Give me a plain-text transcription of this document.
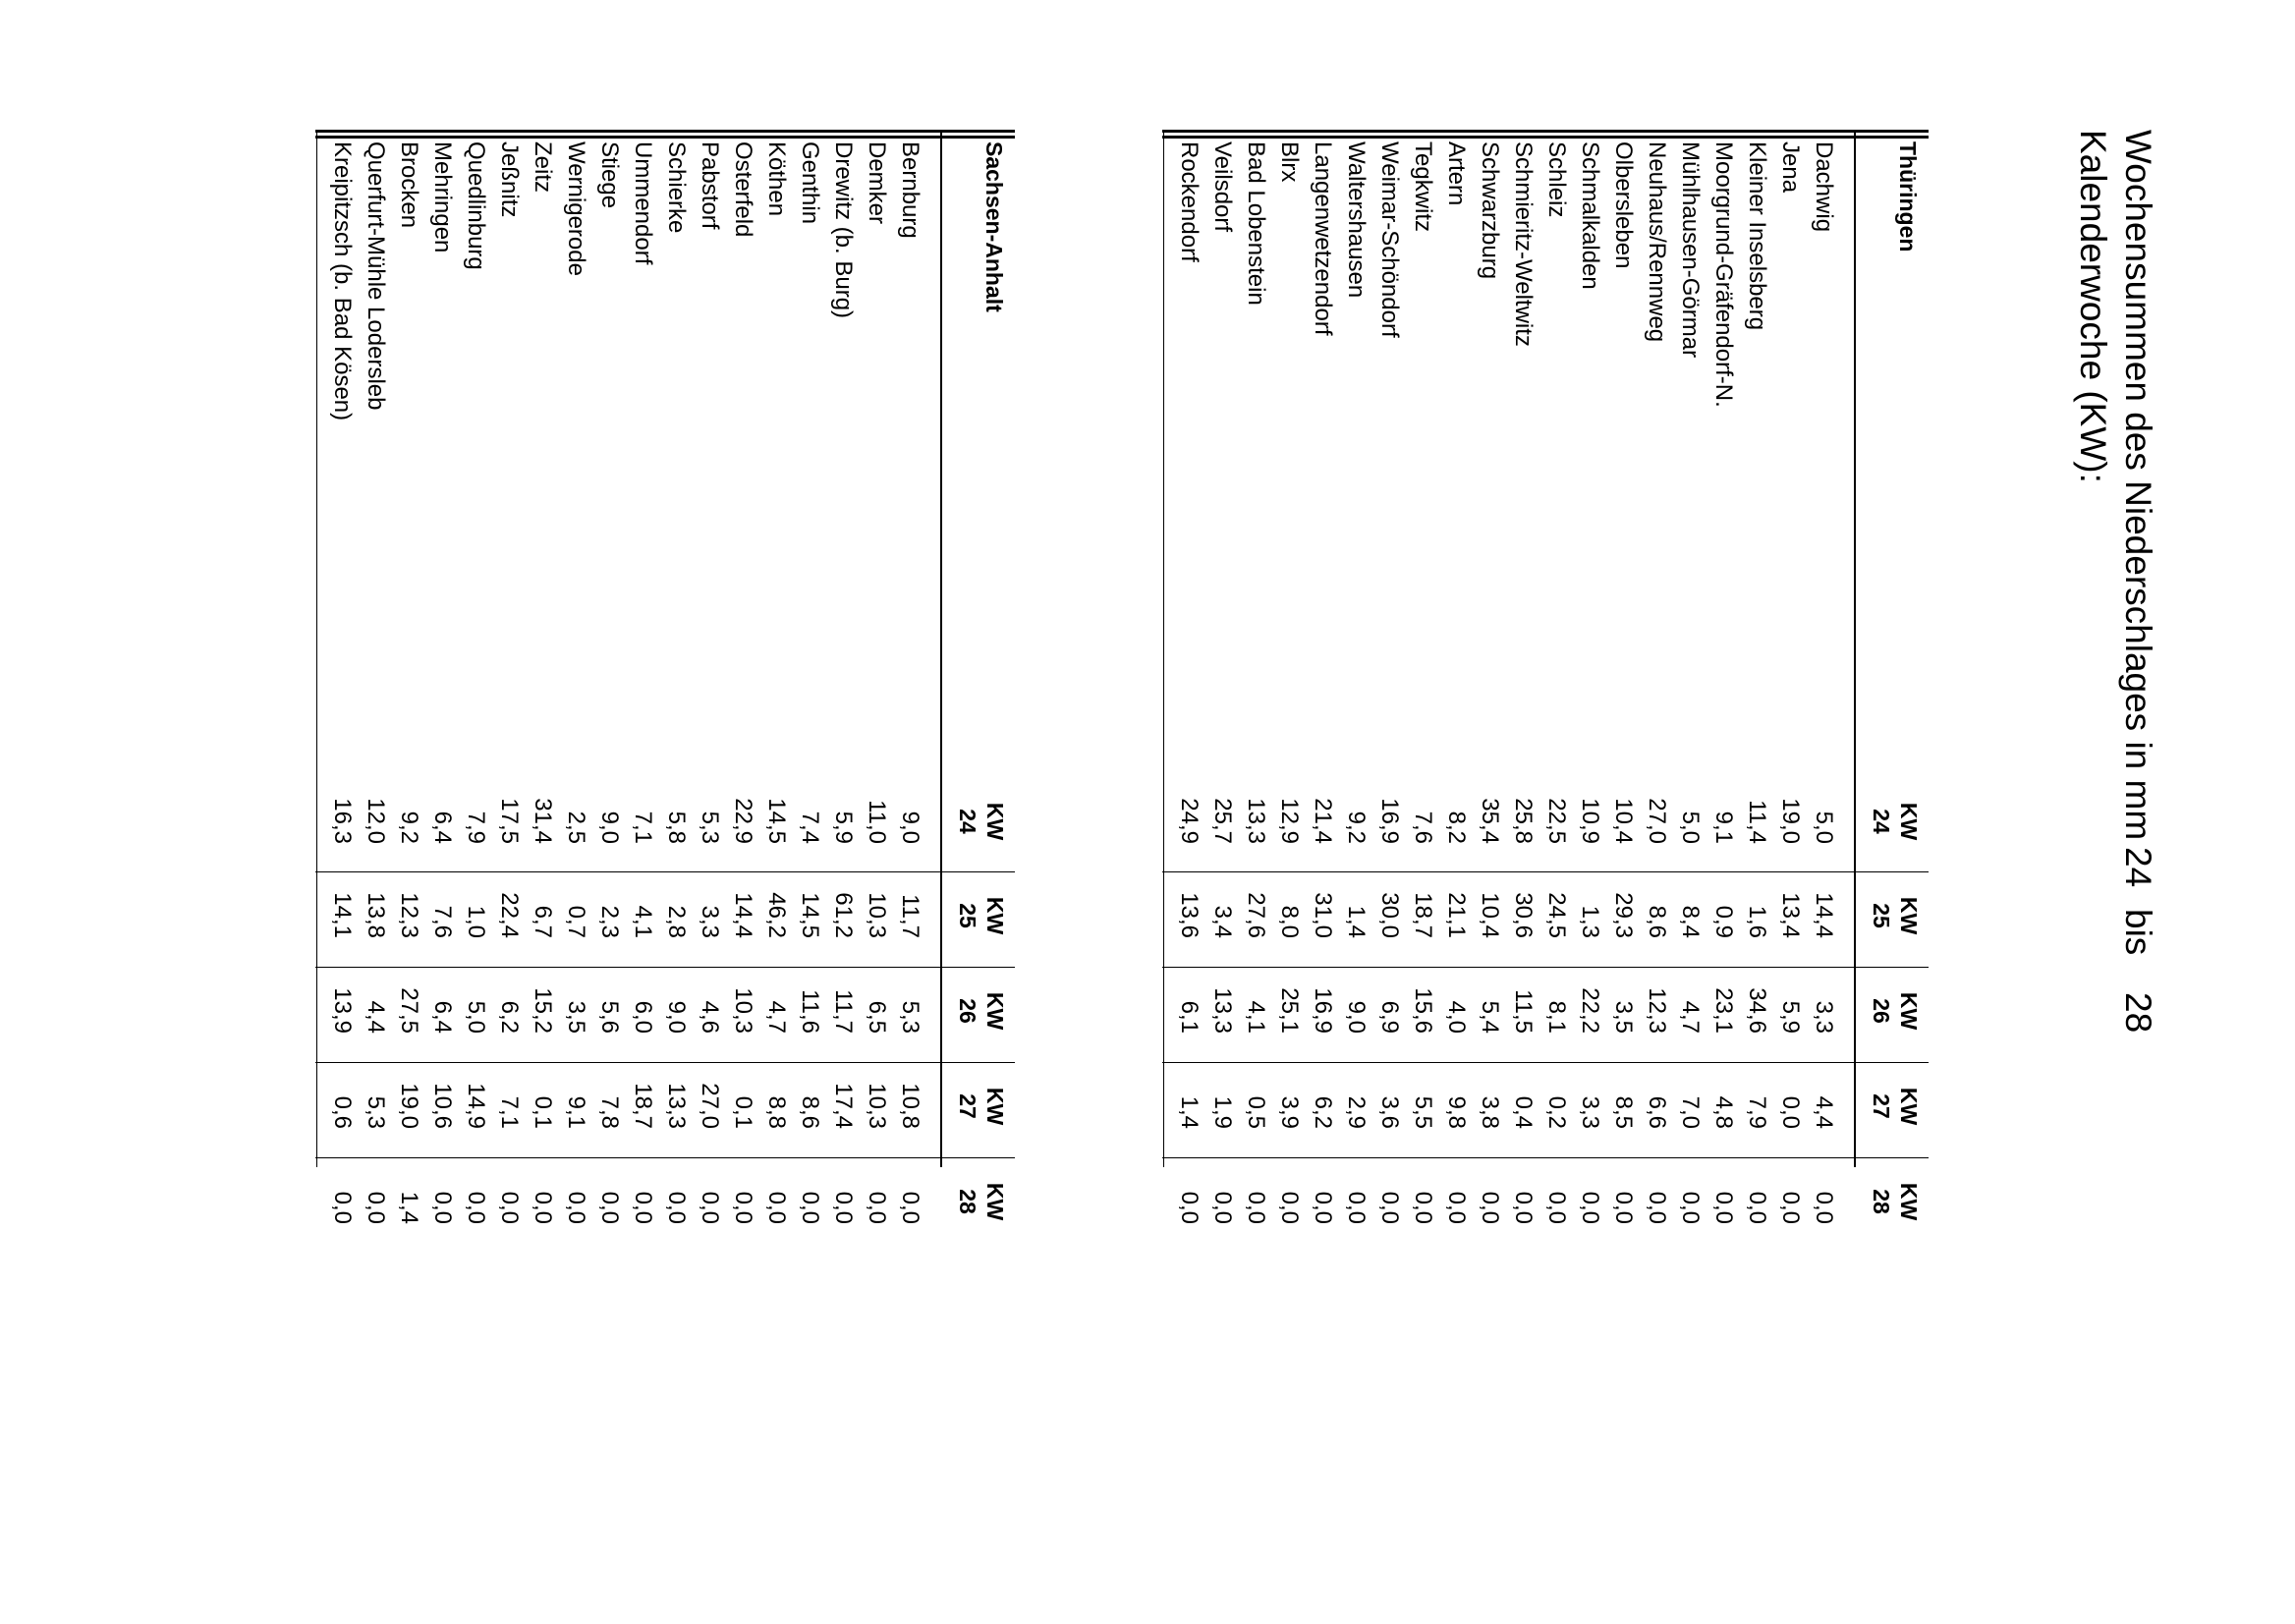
Wochensummen des Niederschlages in mm
Kalenderwoche (KW):
24
bis
28
Thüringen
KW
24
KW
25
KW
26
KW
27
KW
28
Dachwig
5,0
14,4
3,3
4,4
0,0
Jena
19,0
13,4
5,9
0,0
0,0
Kleiner Inselsberg
11,4
1,6
34,6
7,9
0,0
Moorgrund-Gräfendorf-N.
9,1
0,9
23,1
4,8
0,0
Mühlhausen-Görmar
5,0
8,4
4,7
7,0
0,0
Neuhaus/Rennweg
27,0
8,6
12,3
6,6
0,0
Olbersleben
10,4
29,3
3,5
8,5
0,0
Schmalkalden
10,9
1,3
22,2
3,3
0,0
Schleiz
22,5
24,5
8,1
0,2
0,0
Schmieritz-Weltwitz
25,8
30,6
11,5
0,4
0,0
Schwarzburg
35,4
10,4
5,4
3,8
0,0
Artern
8,2
21,1
4,0
9,8
0,0
Tegkwitz
7,6
18,7
15,6
5,5
0,0
Weimar-Schöndorf
16,9
30,0
6,9
3,6
0,0
Waltershausen
9,2
1,4
9,0
2,9
0,0
Langenwetzendorf
21,4
31,0
16,9
6,2
0,0
Blrx
12,9
8,0
25,1
3,9
0,0
Bad Lobenstein
13,3
27,6
4,1
0,5
0,0
Veilsdorf
25,7
3,4
13,3
1,9
0,0
Rockendorf
24,9
13,6
6,1
1,4
0,0
Sachsen-Anhalt
KW
24
KW
25
KW
26
KW
27
KW
28
Bernburg
9,0
11,7
5,3
10,8
0,0
Demker
11,0
10,3
6,5
10,3
0,0
Drewitz (b. Burg)
5,9
61,2
11,7
17,4
0,0
Genthin
7,4
14,5
11,6
8,6
0,0
Köthen
14,5
46,2
4,7
8,8
0,0
Osterfeld
22,9
14,4
10,3
0,1
0,0
Pabstorf
5,3
3,3
4,6
27,0
0,0
Schierke
5,8
2,8
9,0
13,3
0,0
Ummendorf
7,1
4,1
6,0
18,7
0,0
Stiege
9,0
2,3
5,6
7,8
0,0
Wernigerode
2,5
0,7
3,5
9,1
0,0
Zeitz
31,4
6,7
15,2
0,1
0,0
Jeßnitz
17,5
22,4
6,2
7,1
0,0
Quedlinburg
7,9
1,0
5,0
14,9
0,0
Mehringen
6,4
7,6
6,4
10,6
0,0
Brocken
9,2
12,3
27,5
19,0
1,4
Querfurt-Mühle Lodersleb
12,0
13,8
4,4
5,3
0,0
Kreipitzsch (b. Bad Kösen)
16,3
14,1
13,9
0,6
0,0
